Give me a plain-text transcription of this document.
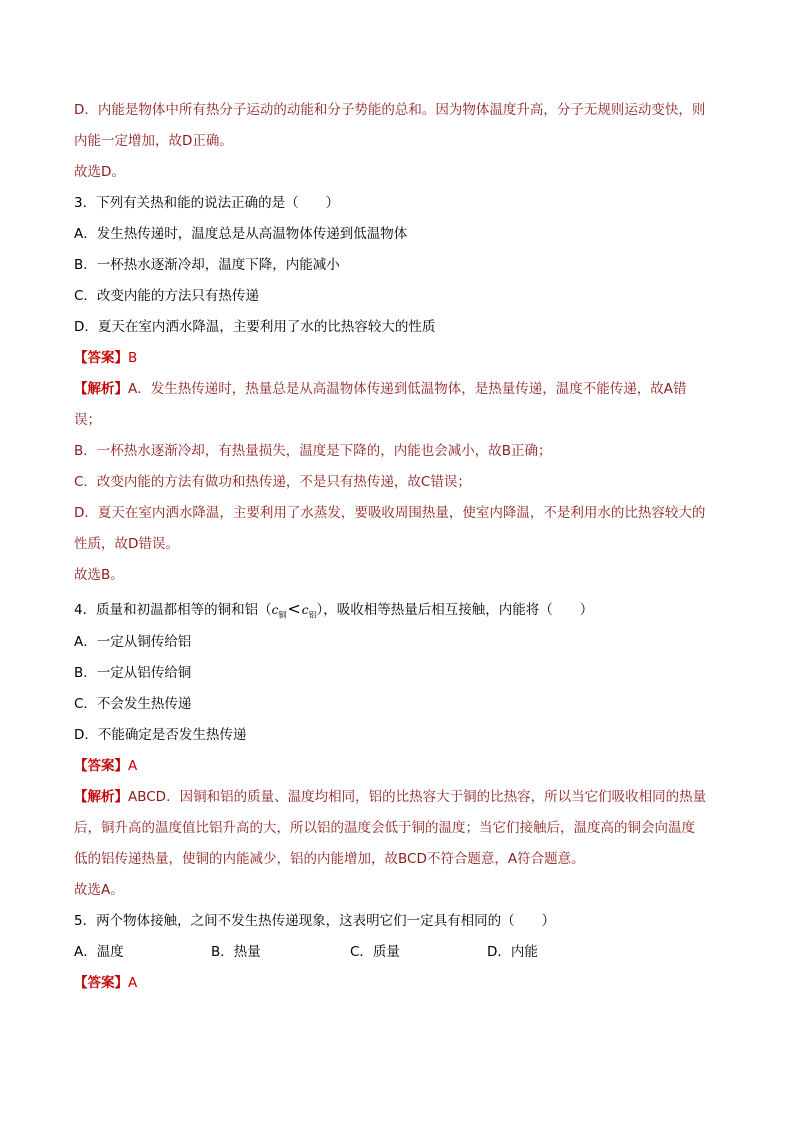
D．内能是物体中所有热分子运动的动能和分子势能的总和。因为物体温度升高，分子无规则运动变快，则
内能一定增加，故D正确。
故选D。
3．下列有关热和能的说法正确的是（　　）
A．发生热传递时，温度总是从高温物体传递到低温物体
B．一杯热水逐渐冷却，温度下降，内能减小
C．改变内能的方法只有热传递
D．夏天在室内洒水降温，主要利用了水的比热容较大的性质
【答案】B
【解析】A．发生热传递时，热量总是从高温物体传递到低温物体，是热量传递，温度不能传递，故A错
误；
B．一杯热水逐渐冷却，有热量损失，温度是下降的，内能也会减小，故B正确；
C．改变内能的方法有做功和热传递，不是只有热传递，故C错误；
D．夏天在室内洒水降温，主要利用了水蒸发，要吸收周围热量，使室内降温，不是利用水的比热容较大的
性质，故D错误。
故选B。
4．质量和初温都相等的铜和铝$(c_铜<c_铝)$，吸收相等热量后相互接触，内能将（　　）
A．一定从铜传给铝
B．一定从铝传给铜
C．不会发生热传递
D．不能确定是否发生热传递
【答案】A
【解析】ABCD．因铜和铝的质量、温度均相同，铝的比热容大于铜的比热容，所以当它们吸收相同的热量
后，铜升高的温度值比铝升高的大，所以铝的温度会低于铜的温度；当它们接触后，温度高的铜会向温度
低的铝传递热量，使铜的内能减少，铝的内能增加，故BCD不符合题意，A符合题意。
故选A。
5．两个物体接触，之间不发生热传递现象，这表明它们一定具有相同的（　　）
A．温度	B．热量	C．质量	D．内能
【答案】A
